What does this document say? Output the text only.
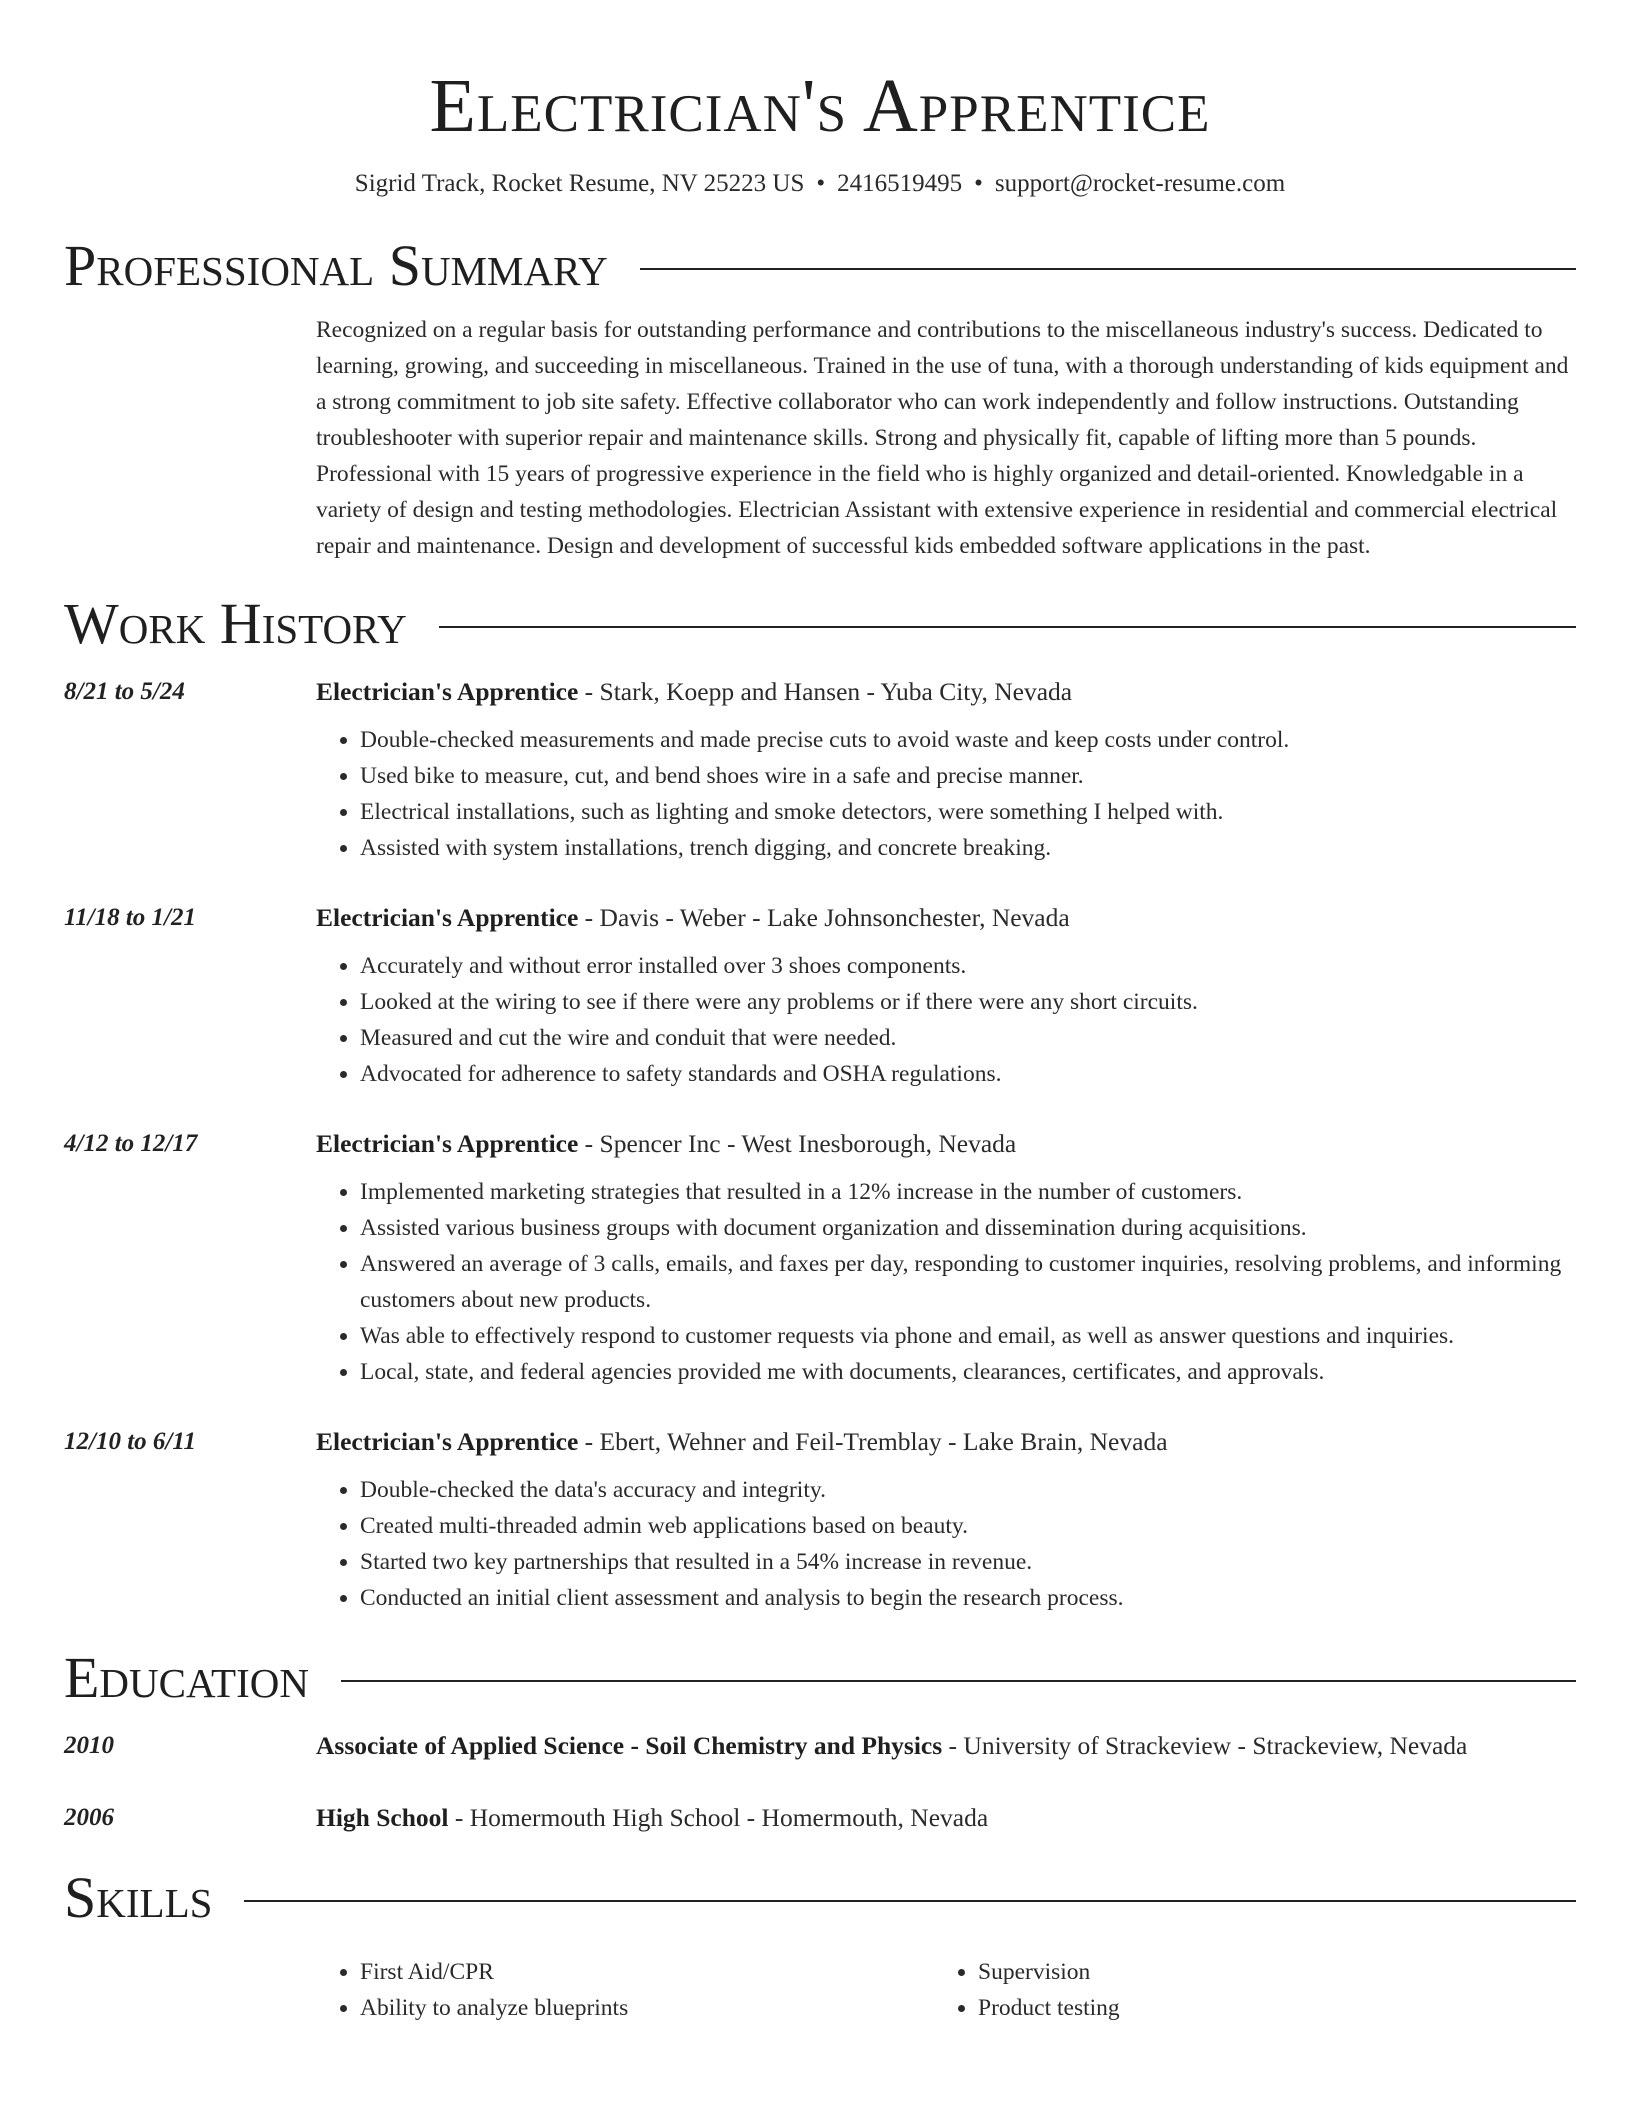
Electrician's Apprentice
Sigrid Track, Rocket Resume, NV 25223 US • 2416519495 • support@rocket-resume.com
Professional Summary
Recognized on a regular basis for outstanding performance and contributions to the miscellaneous industry's success. Dedicated to learning, growing, and succeeding in miscellaneous. Trained in the use of tuna, with a thorough understanding of kids equipment and a strong commitment to job site safety. Effective collaborator who can work independently and follow instructions. Outstanding troubleshooter with superior repair and maintenance skills. Strong and physically fit, capable of lifting more than 5 pounds. Professional with 15 years of progressive experience in the field who is highly organized and detail-oriented. Knowledgable in a variety of design and testing methodologies. Electrician Assistant with extensive experience in residential and commercial electrical repair and maintenance. Design and development of successful kids embedded software applications in the past.
Work History
8/21 to 5/24	Electrician's Apprentice - Stark, Koepp and Hansen - Yuba City, Nevada
• Double-checked measurements and made precise cuts to avoid waste and keep costs under control.
• Used bike to measure, cut, and bend shoes wire in a safe and precise manner.
• Electrical installations, such as lighting and smoke detectors, were something I helped with.
• Assisted with system installations, trench digging, and concrete breaking.
11/18 to 1/21	Electrician's Apprentice - Davis - Weber - Lake Johnsonchester, Nevada
• Accurately and without error installed over 3 shoes components.
• Looked at the wiring to see if there were any problems or if there were any short circuits.
• Measured and cut the wire and conduit that were needed.
• Advocated for adherence to safety standards and OSHA regulations.
4/12 to 12/17	Electrician's Apprentice - Spencer Inc - West Inesborough, Nevada
• Implemented marketing strategies that resulted in a 12% increase in the number of customers.
• Assisted various business groups with document organization and dissemination during acquisitions.
• Answered an average of 3 calls, emails, and faxes per day, responding to customer inquiries, resolving problems, and informing customers about new products.
• Was able to effectively respond to customer requests via phone and email, as well as answer questions and inquiries.
• Local, state, and federal agencies provided me with documents, clearances, certificates, and approvals.
12/10 to 6/11	Electrician's Apprentice - Ebert, Wehner and Feil-Tremblay - Lake Brain, Nevada
• Double-checked the data's accuracy and integrity.
• Created multi-threaded admin web applications based on beauty.
• Started two key partnerships that resulted in a 54% increase in revenue.
• Conducted an initial client assessment and analysis to begin the research process.
Education
2010	Associate of Applied Science - Soil Chemistry and Physics - University of Strackeview - Strackeview, Nevada
2006	High School - Homermouth High School - Homermouth, Nevada
Skills
• First Aid/CPR
• Ability to analyze blueprints
• Supervision
• Product testing
